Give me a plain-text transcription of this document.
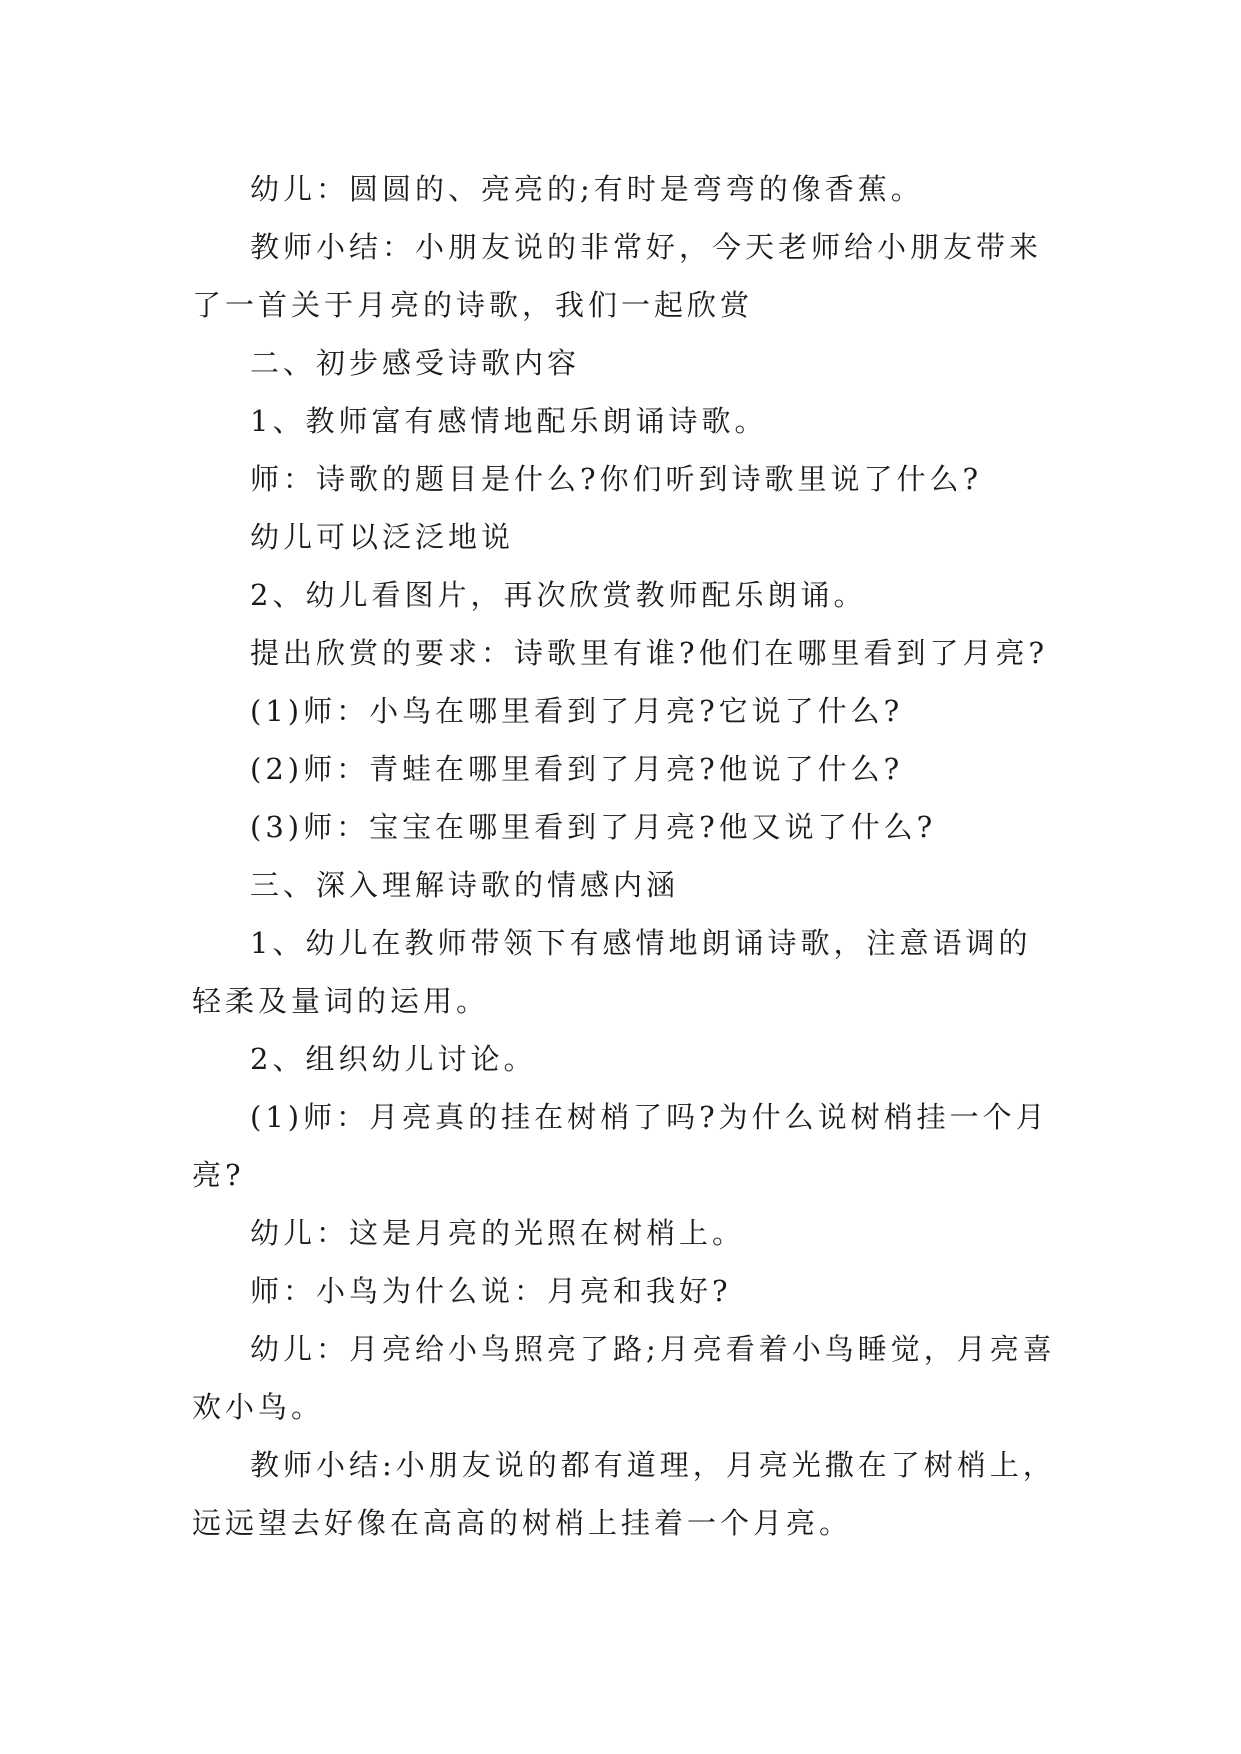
幼儿：圆圆的、亮亮的;有时是弯弯的像香蕉。

教师小结：小朋友说的非常好，今天老师给小朋友带来了一首关于月亮的诗歌，我们一起欣赏

二、初步感受诗歌内容

1、教师富有感情地配乐朗诵诗歌。

师：诗歌的题目是什么?你们听到诗歌里说了什么?

幼儿可以泛泛地说

2、幼儿看图片，再次欣赏教师配乐朗诵。

提出欣赏的要求：诗歌里有谁?他们在哪里看到了月亮?

(1)师：小鸟在哪里看到了月亮?它说了什么?

(2)师：青蛙在哪里看到了月亮?他说了什么?

(3)师：宝宝在哪里看到了月亮?他又说了什么?

三、深入理解诗歌的情感内涵

1、幼儿在教师带领下有感情地朗诵诗歌，注意语调的轻柔及量词的运用。

2、组织幼儿讨论。

(1)师：月亮真的挂在树梢了吗?为什么说树梢挂一个月亮?

幼儿：这是月亮的光照在树梢上。

师：小鸟为什么说：月亮和我好?

幼儿：月亮给小鸟照亮了路;月亮看着小鸟睡觉，月亮喜欢小鸟。

教师小结:小朋友说的都有道理，月亮光撒在了树梢上，远远望去好像在高高的树梢上挂着一个月亮。
